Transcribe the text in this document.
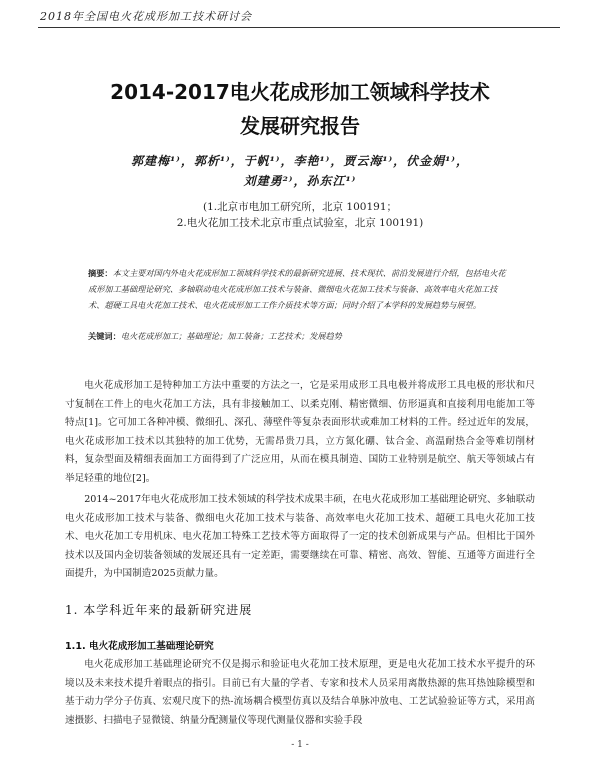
2018年全国电火花成形加工技术研讨会
2014-2017电火花成形加工领域科学技术
发展研究报告
郭建梅¹⁾，郭析¹⁾，于帆¹⁾，李艳¹⁾，贾云海¹⁾，伏金娟¹⁾，
刘建勇²⁾，孙东江¹⁾
(1.北京市电加工研究所，北京 100191；
2.电火花加工技术北京市重点试验室，北京 100191)
摘要：本文主要对国内外电火花成形加工领域科学技术的最新研究进展、技术现状、前沿发展进行介绍，包括电火花成形加工基础理论研究、多轴联动电火花成形加工技术与装备、微细电火花加工技术与装备、高效率电火花加工技术、超硬工具电火花加工技术、电火花成形加工工作介质技术等方面；同时介绍了本学科的发展趋势与展望。
关键词：电火花成形加工；基础理论；加工装备；工艺技术；发展趋势
电火花成形加工是特种加工方法中重要的方法之一，它是采用成形工具电极并将成形工具电极的形状和尺寸复制在工件上的电火花加工方法，具有非接触加工、以柔克刚、精密微细、仿形逼真和直接利用电能加工等特点[1]。它可加工各种冲模、微细孔、深孔、薄壁件等复杂表面形状或难加工材料的工件。经过近年的发展，电火花成形加工技术以其独特的加工优势，无需昂贵刀具，立方氮化硼、钛合金、高温耐热合金等难切削材料，复杂型面及精细表面加工方面得到了广泛应用，从而在模具制造、国防工业特别是航空、航天等领域占有举足轻重的地位[2]。
2014~2017年电火花成形加工技术领域的科学技术成果丰硕，在电火花成形加工基础理论研究、多轴联动电火花成形加工技术与装备、微细电火花加工技术与装备、高效率电火花加工技术、超硬工具电火花加工技术、电火花加工专用机床、电火花加工特殊工艺技术等方面取得了一定的技术创新成果与产品。但相比于国外技术以及国内金切装备领域的发展还具有一定差距，需要继续在可靠、精密、高效、智能、互通等方面进行全面提升，为中国制造2025贡献力量。
1. 本学科近年来的最新研究进展
1.1. 电火花成形加工基础理论研究
电火花成形加工基础理论研究不仅是揭示和验证电火花加工技术原理，更是电火花加工技术水平提升的环境以及未来技术提升着眼点的指引。目前已有大量的学者、专家和技术人员采用离散热源的焦耳热蚀除模型和基于动力学分子仿真、宏观尺度下的热-流场耦合模型仿真以及结合单脉冲放电、工艺试验验证等方式，采用高速摄影、扫描电子显微镜、纳量分配测量仪等现代测量仪器和实验手段
- 1 -
